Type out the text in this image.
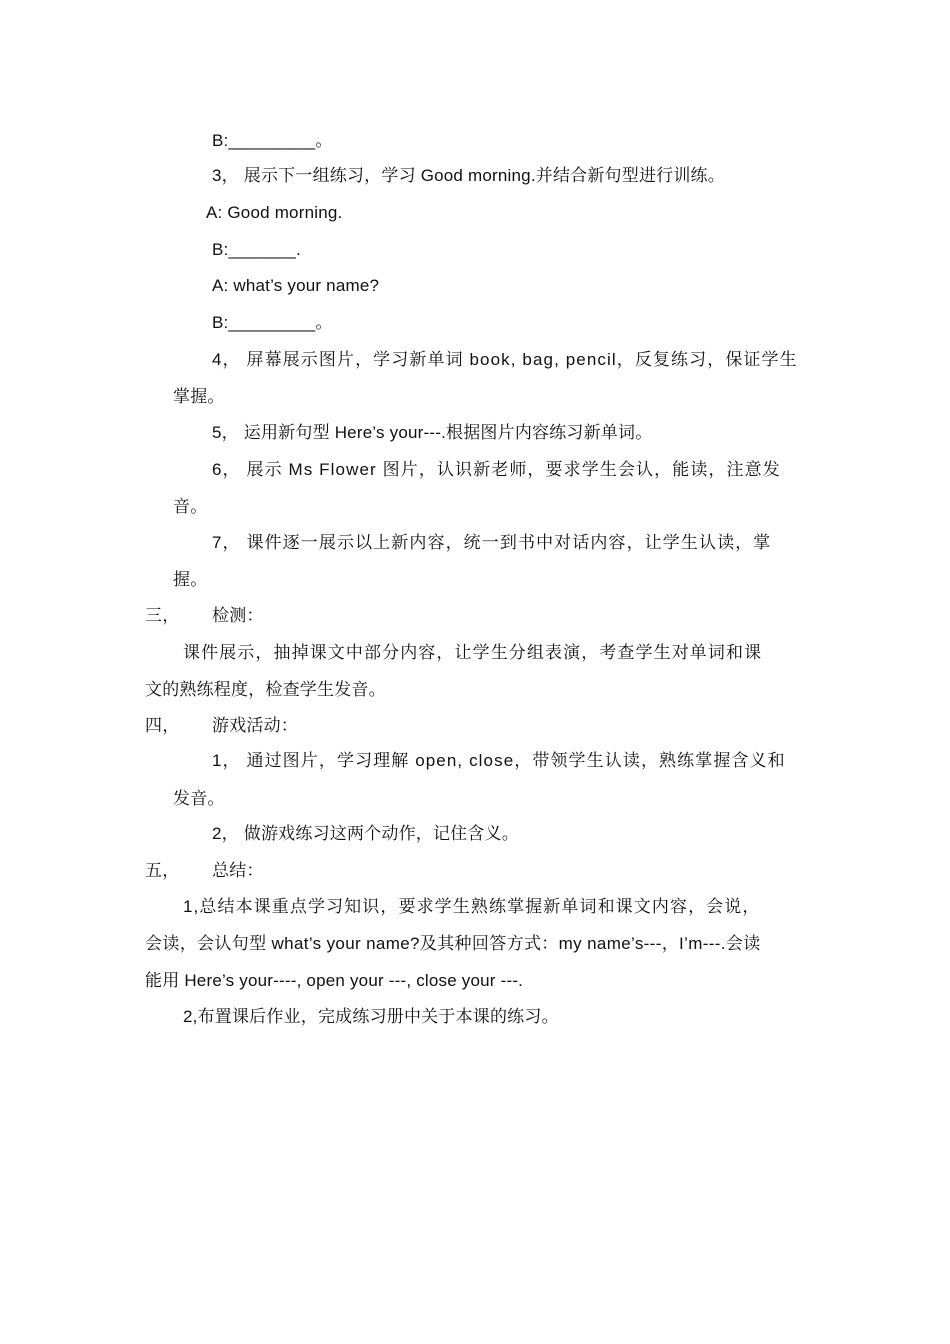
B:_________。
3， 展示下一组练习，学习 Good morning.并结合新句型进行训练。
A: Good morning.
B:_______.
A: what’s your name?
B:_________。
4， 屏幕展示图片，学习新单词 book, bag, pencil，反复练习，保证学生
掌握。
5， 运用新句型 Here’s your---.根据图片内容练习新单词。
6， 展示 Ms Flower 图片，认识新老师，要求学生会认，能读，注意发
音。
7， 课件逐一展示以上新内容，统一到书中对话内容，让学生认读，掌
握。
三， 检测：
课件展示，抽掉课文中部分内容，让学生分组表演，考查学生对单词和课
文的熟练程度，检查学生发音。
四， 游戏活动：
1， 通过图片，学习理解 open, close，带领学生认读，熟练掌握含义和
发音。
2， 做游戏练习这两个动作，记住含义。
五， 总结：
1,总结本课重点学习知识，要求学生熟练掌握新单词和课文内容，会说，
会读，会认句型 what’s your name?及其种回答方式：my name’s---，I’m---.会读
能用 Here’s your----, open your ---, close your ---.
2,布置课后作业，完成练习册中关于本课的练习。
